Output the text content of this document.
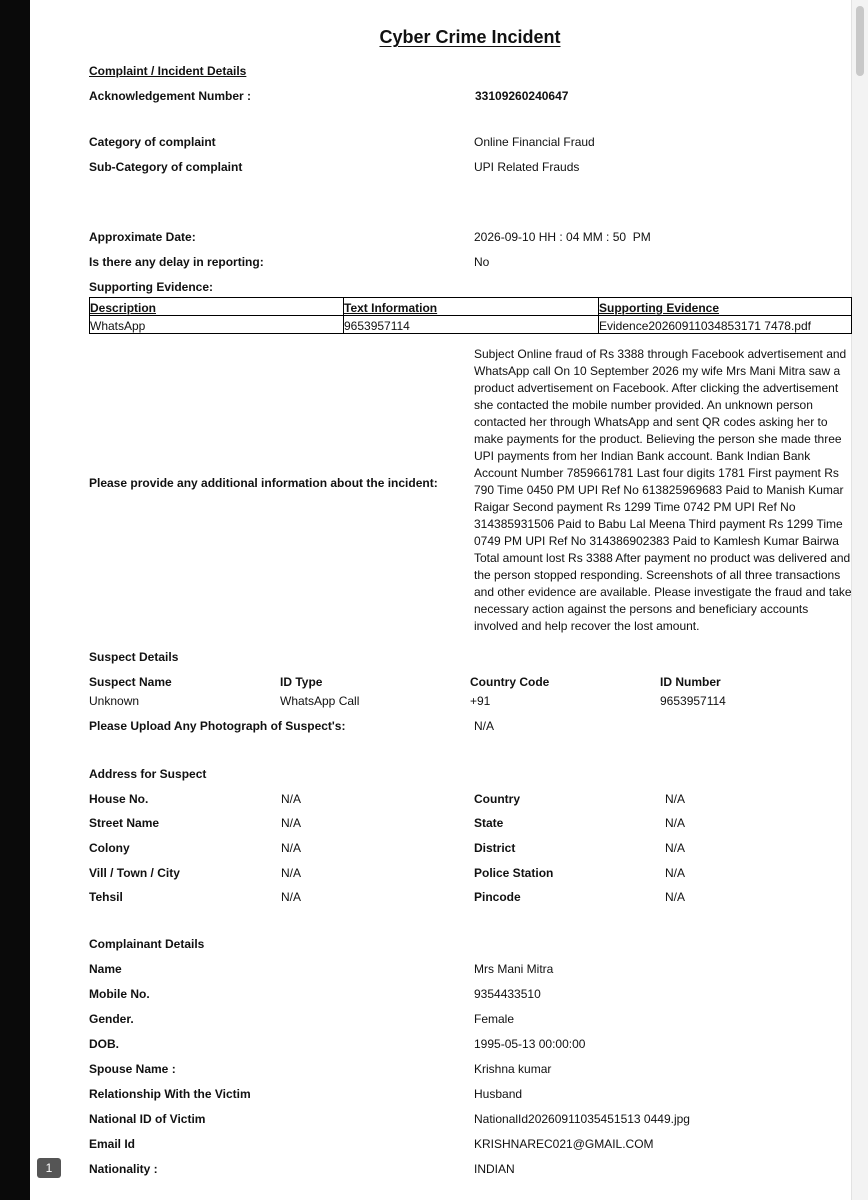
Cyber Crime Incident
Complaint / Incident Details
Acknowledgement Number :	33109260240647
Category of complaint	Online Financial Fraud
Sub-Category of complaint	UPI Related Frauds
Approximate Date:	2026-09-10 HH : 04 MM : 50  PM
Is there any delay in reporting:	No
Supporting Evidence:
Description	Text Information	Supporting Evidence
WhatsApp	9653957114	Evidence20260911034853171 7478.pdf
Please provide any additional information about the incident:
Subject Online fraud of Rs 3388 through Facebook advertisement and WhatsApp call On 10 September 2026 my wife Mrs Mani Mitra saw a product advertisement on Facebook. After clicking the advertisement she contacted the mobile number provided. An unknown person contacted her through WhatsApp and sent QR codes asking her to make payments for the product. Believing the person she made three UPI payments from her Indian Bank account. Bank Indian Bank Account Number 7859661781 Last four digits 1781 First payment Rs 790 Time 0450 PM UPI Ref No 613825969683 Paid to Manish Kumar Raigar Second payment Rs 1299 Time 0742 PM UPI Ref No 314385931506 Paid to Babu Lal Meena Third payment Rs 1299 Time 0749 PM UPI Ref No 314386902383 Paid to Kamlesh Kumar Bairwa Total amount lost Rs 3388 After payment no product was delivered and the person stopped responding. Screenshots of all three transactions and other evidence are available. Please investigate the fraud and take necessary action against the persons and beneficiary accounts involved and help recover the lost amount.
Suspect Details
Suspect Name	ID Type	Country Code	ID Number
Unknown	WhatsApp Call	+91	9653957114
Please Upload Any Photograph of Suspect's:	N/A
Address for Suspect
House No.	N/A	Country	N/A
Street Name	N/A	State	N/A
Colony	N/A	District	N/A
Vill / Town / City	N/A	Police Station	N/A
Tehsil	N/A	Pincode	N/A
Complainant Details
Name	Mrs Mani Mitra
Mobile No.	9354433510
Gender.	Female
DOB.	1995-05-13 00:00:00
Spouse Name :	Krishna kumar
Relationship With the Victim	Husband
National ID of Victim	NationalId20260911035451513 0449.jpg
Email Id	KRISHNAREC021@GMAIL.COM
Nationality :	INDIAN
1
